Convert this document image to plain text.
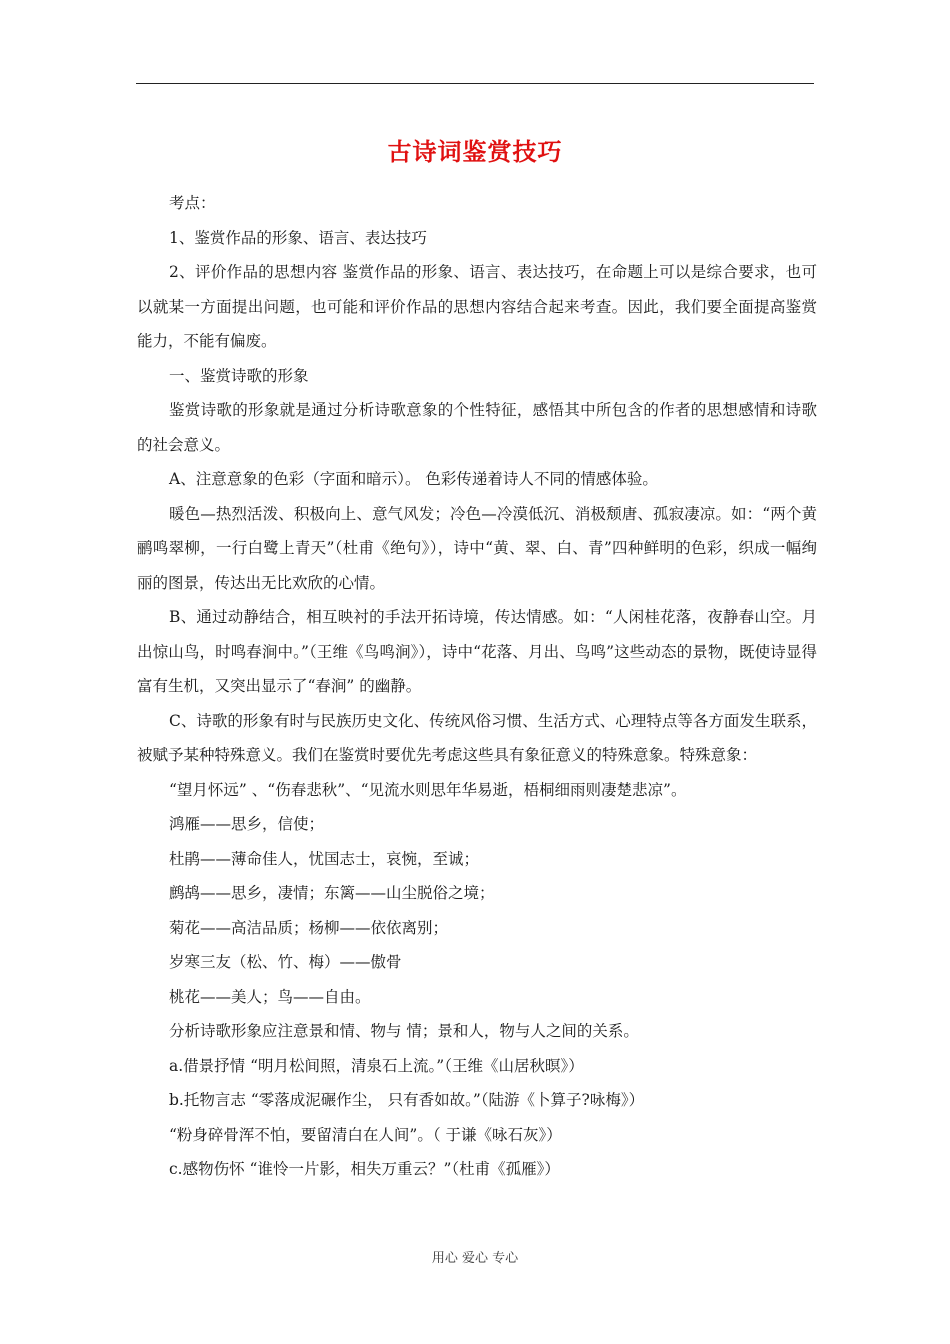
古诗词鉴赏技巧

考点：

1、鉴赏作品的形象、语言、表达技巧

2、评价作品的思想内容 鉴赏作品的形象、语言、表达技巧，在命题上可以是综合要求，也可以就某一方面提出问题，也可能和评价作品的思想内容结合起来考查。因此，我们要全面提高鉴赏能力，不能有偏废。

一、鉴赏诗歌的形象

鉴赏诗歌的形象就是通过分析诗歌意象的个性特征，感悟其中所包含的作者的思想感情和诗歌的社会意义。

A、注意意象的色彩（字面和暗示）。 色彩传递着诗人不同的情感体验。

暖色—热烈活泼、积极向上、意气风发；冷色—冷漠低沉、消极颓唐、孤寂凄凉。如：“两个黄鹂鸣翠柳，一行白鹭上青天”（杜甫《绝句》），诗中“黄、翠、白、青”四种鲜明的色彩，织成一幅绚丽的图景，传达出无比欢欣的心情。

B、通过动静结合，相互映衬的手法开拓诗境，传达情感。如：“人闲桂花落，夜静春山空。月出惊山鸟，时鸣春涧中。”（王维《鸟鸣涧》），诗中“花落、月出、鸟鸣”这些动态的景物，既使诗显得富有生机，又突出显示了“春涧” 的幽静。

C、诗歌的形象有时与民族历史文化、传统风俗习惯、生活方式、心理特点等各方面发生联系，被赋予某种特殊意义。我们在鉴赏时要优先考虑这些具有象征意义的特殊意象。特殊意象：

“望月怀远” 、“伤春悲秋”、“见流水则思年华易逝，梧桐细雨则凄楚悲凉”。

鸿雁——思乡，信使；

杜鹃——薄命佳人，忧国志士，哀惋，至诚；

鹧鸪——思乡，凄情；东篱——山尘脱俗之境；

菊花——高洁品质；杨柳——依依离别；

岁寒三友（松、竹、梅）——傲骨

桃花——美人；鸟——自由。

分析诗歌形象应注意景和情、物与 情；景和人，物与人之间的关系。

a.借景抒情 “明月松间照，清泉石上流。”（王维《山居秋暝》）

b.托物言志 “零落成泥碾作尘， 只有香如故。”（陆游《卜算子?咏梅》）

“粉身碎骨浑不怕，要留清白在人间”。（ 于谦《咏石灰》）

c.感物伤怀 “谁怜一片影，相失万重云？”（杜甫《孤雁》）

用心 爱心 专心
